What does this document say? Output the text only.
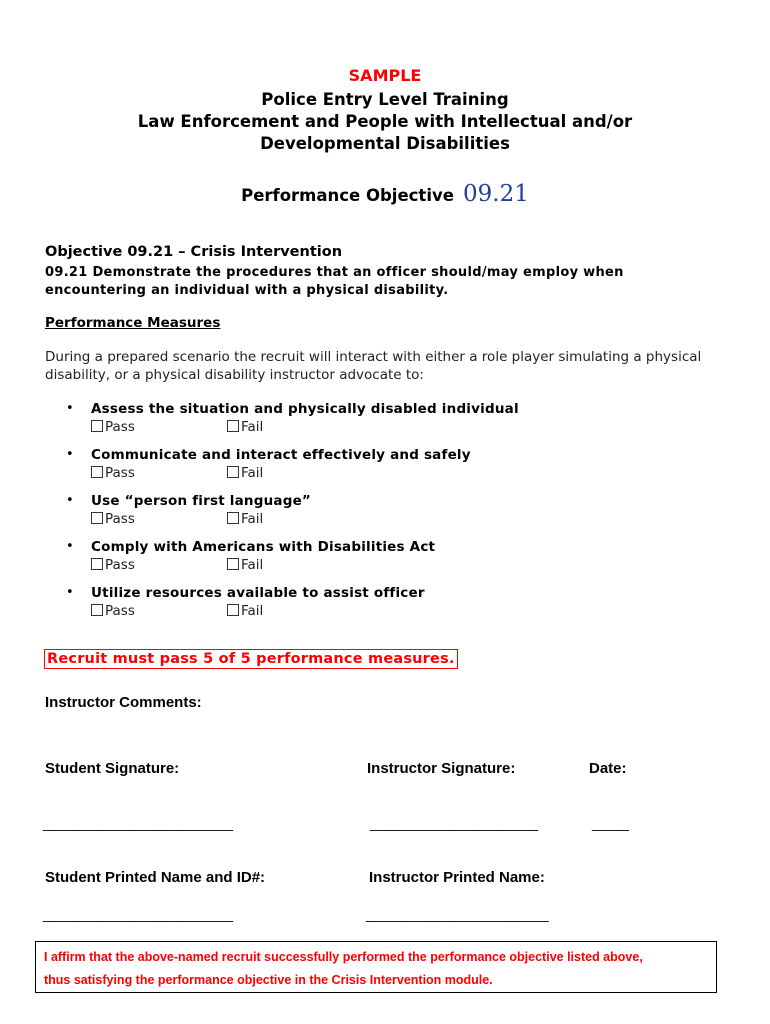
SAMPLE
Police Entry Level Training
Law Enforcement and People with Intellectual and/or
Developmental Disabilities
Performance Objective 09.21
Objective 09.21 – Crisis Intervention
09.21 Demonstrate the procedures that an officer should/may employ when encountering an individual with a physical disability.
Performance Measures
During a prepared scenario the recruit will interact with either a role player simulating a physical disability, or a physical disability instructor advocate to:
• Assess the situation and physically disabled individual
Pass	Fail
• Communicate and interact effectively and safely
Pass	Fail
• Use “person first language”
Pass	Fail
• Comply with Americans with Disabilities Act
Pass	Fail
• Utilize resources available to assist officer
Pass	Fail
Recruit must pass 5 of 5 performance measures.
Instructor Comments:
Student Signature:	Instructor Signature:	Date:
__________________________	_______________________	_____
Student Printed Name and ID#:	Instructor Printed Name:
__________________________	_________________________
I affirm that the above-named recruit successfully performed the performance objective listed above,
thus satisfying the performance objective in the Crisis Intervention module.
